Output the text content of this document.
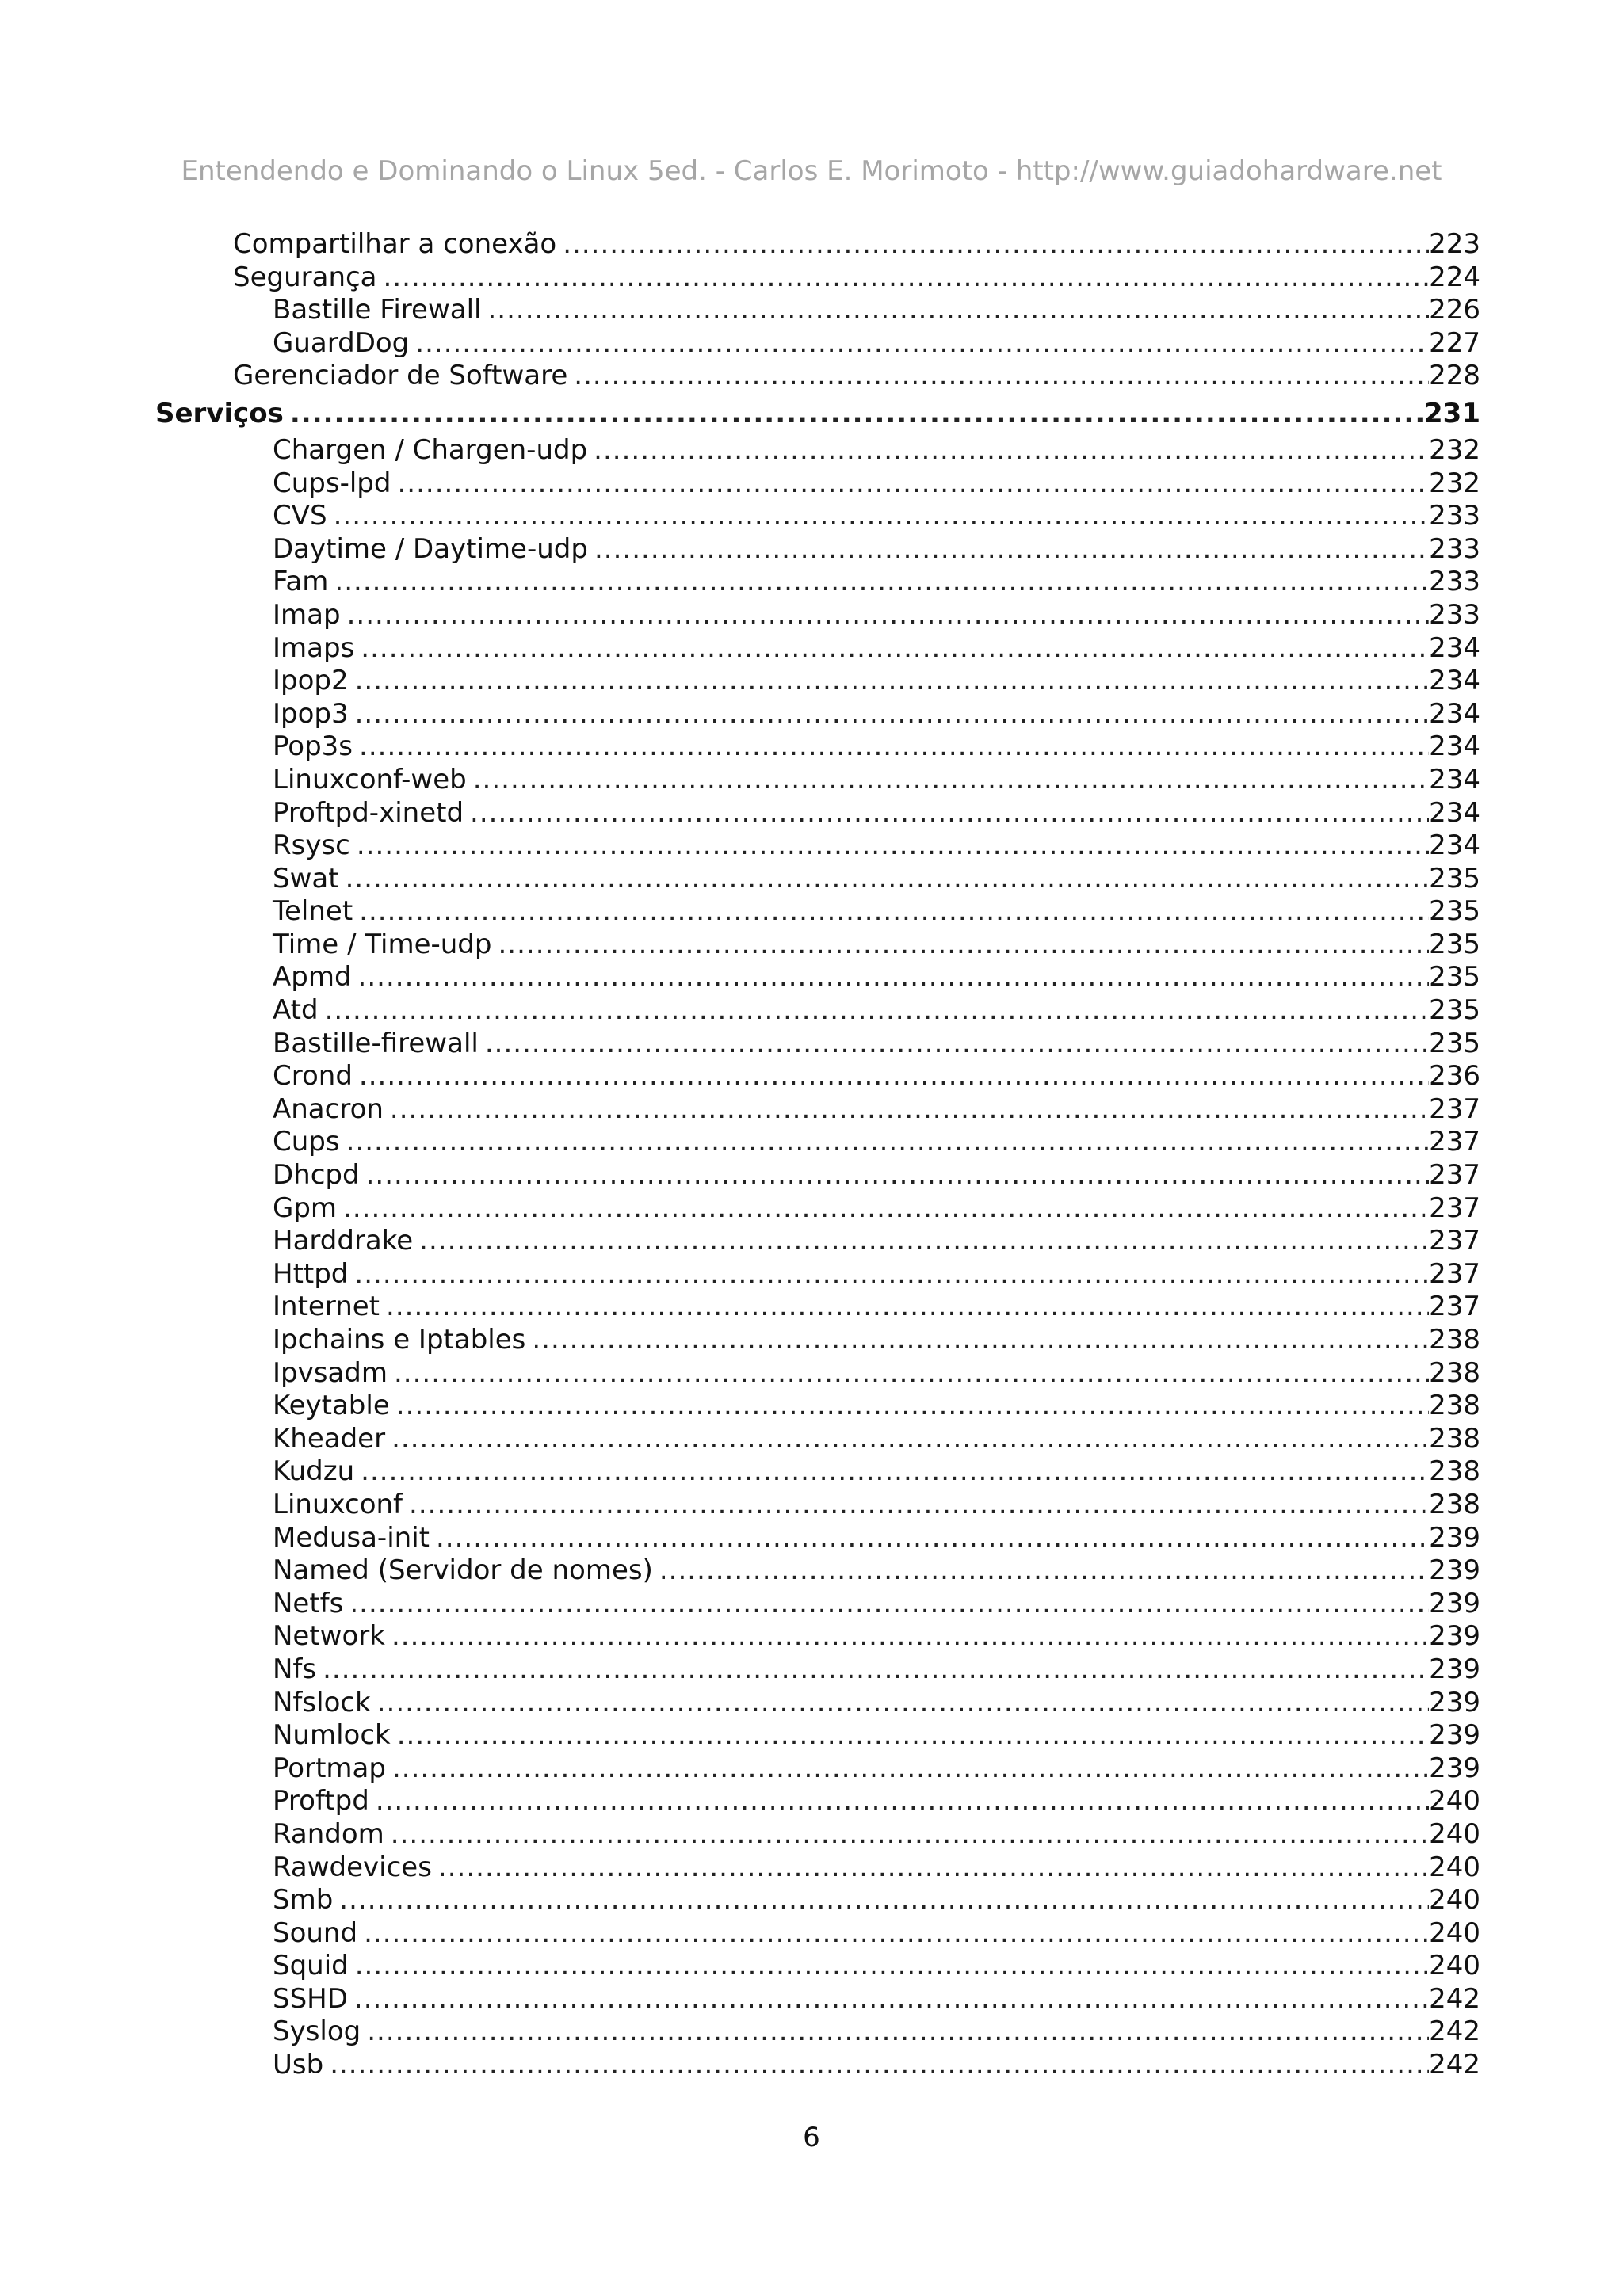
Entendendo e Dominando o Linux 5ed. - Carlos E. Morimoto - http://www.guiadohardware.net
Compartilhar a conexão .....	223
Segurança .....	224
Bastille Firewall .....	226
GuardDog .....	227
Gerenciador de Software .....	228
Serviços .....	231
Chargen / Chargen-udp .....	232
Cups-lpd .....	232
CVS .....	233
Daytime / Daytime-udp .....	233
Fam .....	233
Imap .....	233
Imaps .....	234
Ipop2 .....	234
Ipop3 .....	234
Pop3s .....	234
Linuxconf-web .....	234
Proftpd-xinetd .....	234
Rsysc .....	234
Swat .....	235
Telnet .....	235
Time / Time-udp .....	235
Apmd .....	235
Atd .....	235
Bastille-firewall .....	235
Crond .....	236
Anacron .....	237
Cups .....	237
Dhcpd .....	237
Gpm .....	237
Harddrake .....	237
Httpd .....	237
Internet .....	237
Ipchains e Iptables .....	238
Ipvsadm .....	238
Keytable .....	238
Kheader .....	238
Kudzu .....	238
Linuxconf .....	238
Medusa-init .....	239
Named (Servidor de nomes) .....	239
Netfs .....	239
Network .....	239
Nfs .....	239
Nfslock .....	239
Numlock .....	239
Portmap .....	239
Proftpd .....	240
Random .....	240
Rawdevices .....	240
Smb .....	240
Sound .....	240
Squid .....	240
SSHD .....	242
Syslog .....	242
Usb .....	242
6
